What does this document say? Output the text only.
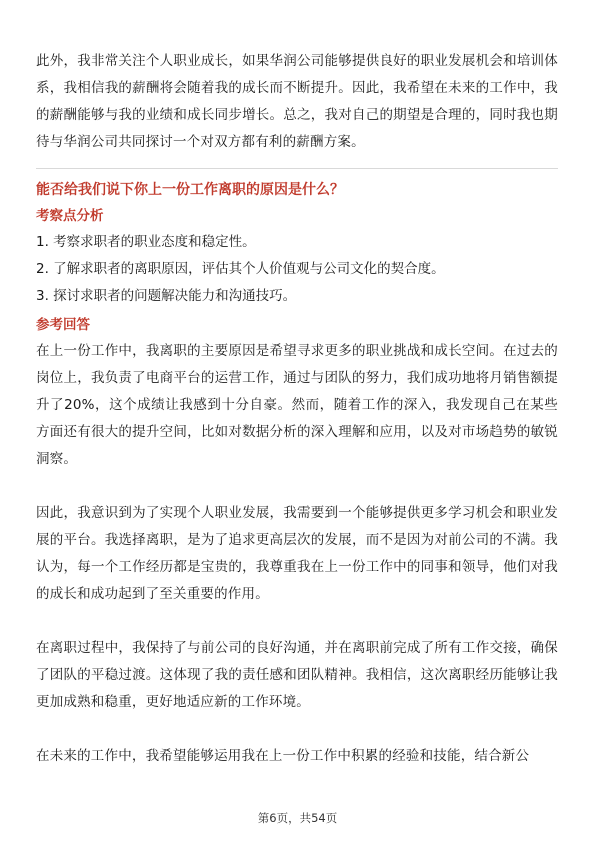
此外，我非常关注个人职业成长，如果华润公司能够提供良好的职业发展机会和培训体系，我相信我的薪酬将会随着我的成长而不断提升。因此，我希望在未来的工作中，我的薪酬能够与我的业绩和成长同步增长。总之，我对自己的期望是合理的，同时我也期待与华润公司共同探讨一个对双方都有利的薪酬方案。

能否给我们说下你上一份工作离职的原因是什么？

考察点分析

1. 考察求职者的职业态度和稳定性。

2. 了解求职者的离职原因，评估其个人价值观与公司文化的契合度。

3. 探讨求职者的问题解决能力和沟通技巧。

参考回答

在上一份工作中，我离职的主要原因是希望寻求更多的职业挑战和成长空间。在过去的岗位上，我负责了电商平台的运营工作，通过与团队的努力，我们成功地将月销售额提升了20%，这个成绩让我感到十分自豪。然而，随着工作的深入，我发现自己在某些方面还有很大的提升空间，比如对数据分析的深入理解和应用，以及对市场趋势的敏锐洞察。

因此，我意识到为了实现个人职业发展，我需要到一个能够提供更多学习机会和职业发展的平台。我选择离职，是为了追求更高层次的发展，而不是因为对前公司的不满。我认为，每一个工作经历都是宝贵的，我尊重我在上一份工作中的同事和领导，他们对我的成长和成功起到了至关重要的作用。

在离职过程中，我保持了与前公司的良好沟通，并在离职前完成了所有工作交接，确保了团队的平稳过渡。这体现了我的责任感和团队精神。我相信，这次离职经历能够让我更加成熟和稳重，更好地适应新的工作环境。

在未来的工作中，我希望能够运用我在上一份工作中积累的经验和技能，结合新公

第6页，共54页
